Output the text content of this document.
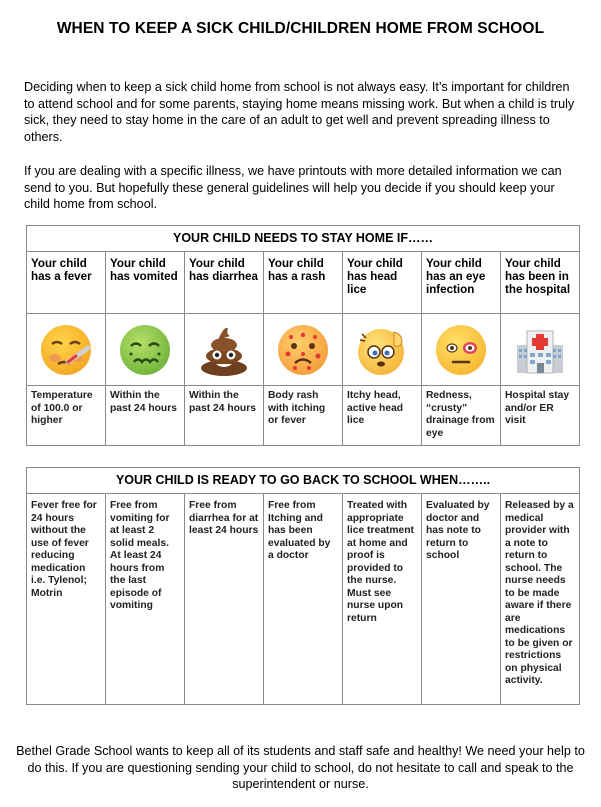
WHEN TO KEEP A SICK CHILD/CHILDREN HOME FROM SCHOOL
Deciding when to keep a sick child home from school is not always easy. It’s important for children to attend school and for some parents, staying home means missing work. But when a child is truly sick, they need to stay home in the care of an adult to get well and prevent spreading illness to others.
If you are dealing with a specific illness, we have printouts with more detailed information we can send to you. But hopefully these general guidelines will help you decide if you should keep your child home from school.
YOUR CHILD NEEDS TO STAY HOME IF……
Your child has a fever
Your child has vomited
Your child has diarrhea
Your child has a rash
Your child has head lice
Your child has an eye infection
Your child has been in the hospital
Temperature of 100.0 or higher
Within the past 24 hours
Within the past 24 hours
Body rash with itching or fever
Itchy head, active head lice
Redness, “crusty” drainage from eye
Hospital stay and/or ER visit
YOUR CHILD IS READY TO GO BACK TO SCHOOL WHEN……..
Fever free for 24 hours without the use of fever reducing medication i.e. Tylenol; Motrin
Free from vomiting for at least 2 solid meals. At least 24 hours from the last episode of vomiting
Free from diarrhea for at least 24 hours
Free from Itching and has been evaluated by a doctor
Treated with appropriate lice treatment at home and proof is provided to the nurse. Must see nurse upon return
Evaluated by doctor and has note to return to school
Released by a medical provider with a note to return to school. The nurse needs to be made aware if there are medications to be given or restrictions on physical activity.
Bethel Grade School wants to keep all of its students and staff safe and healthy! We need your help to do this. If you are questioning sending your child to school, do not hesitate to call and speak to the superintendent or nurse.
